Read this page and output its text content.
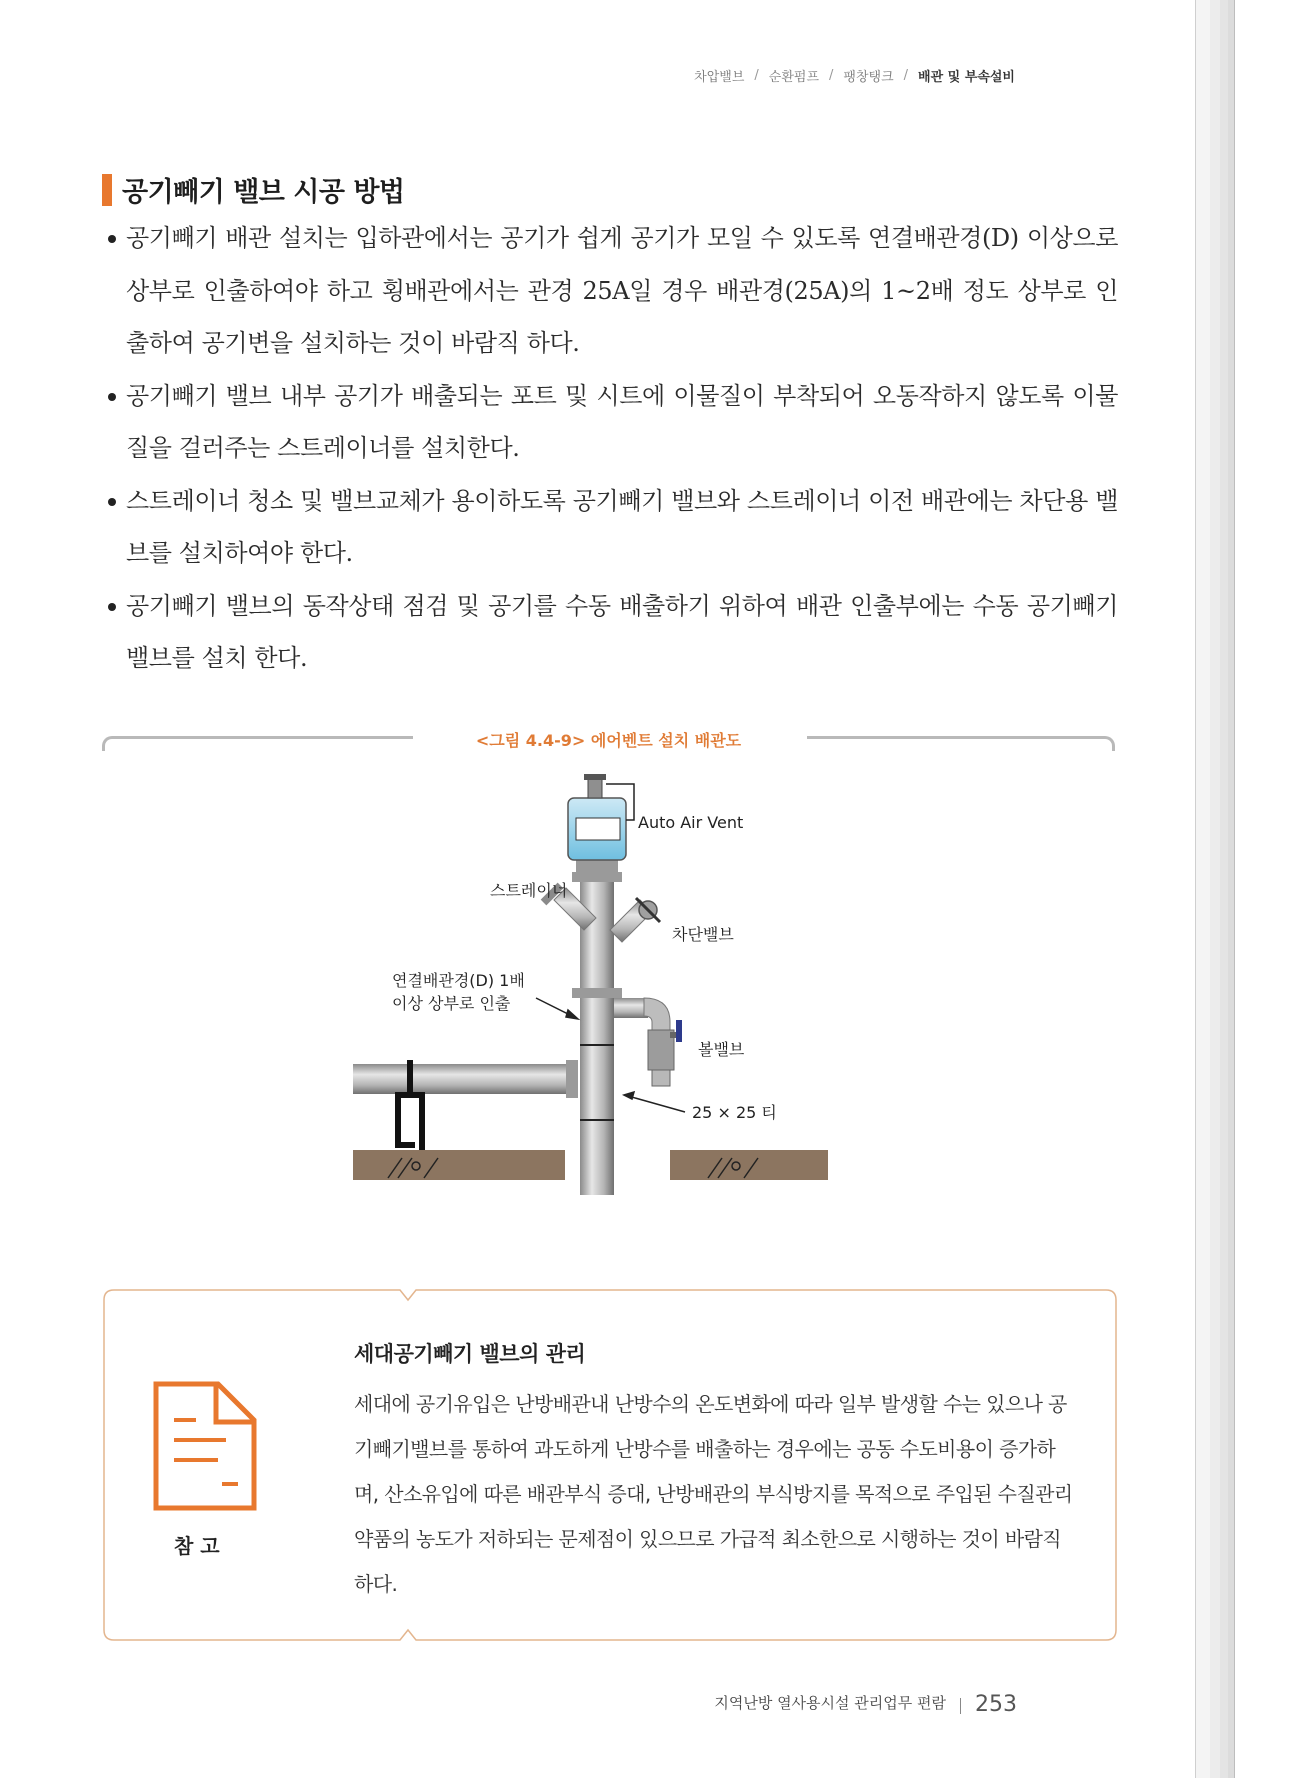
차압밸브 / 순환펌프 / 팽창탱크 / 배관 및 부속설비
공기빼기 밸브 시공 방법
공기빼기 배관 설치는 입하관에서는 공기가 쉽게 공기가 모일 수 있도록 연결배관경(D) 이상으로 상부로 인출하여야 하고 횡배관에서는 관경 25A일 경우 배관경(25A)의 1~2배 정도 상부로 인출하여 공기변을 설치하는 것이 바람직 하다.
공기빼기 밸브 내부 공기가 배출되는 포트 및 시트에 이물질이 부착되어 오동작하지 않도록 이물질을 걸러주는 스트레이너를 설치한다.
스트레이너 청소 및 밸브교체가 용이하도록 공기빼기 밸브와 스트레이너 이전 배관에는 차단용 밸브를 설치하여야 한다.
공기빼기 밸브의 동작상태 점검 및 공기를 수동 배출하기 위하여 배관 인출부에는 수동 공기빼기 밸브를 설치 한다.
<그림 4.4-9> 에어벤트 설치 배관도
Auto Air Vent
스트레이너
차단밸브
연결배관경(D) 1배
이상 상부로 인출
볼밸브
25 × 25 티
참 고
세대공기빼기 밸브의 관리
세대에 공기유입은 난방배관내 난방수의 온도변화에 따라 일부 발생할 수는 있으나 공기빼기밸브를 통하여 과도하게 난방수를 배출하는 경우에는 공동 수도비용이 증가하며, 산소유입에 따른 배관부식 증대, 난방배관의 부식방지를 목적으로 주입된 수질관리 약품의 농도가 저하되는 문제점이 있으므로 가급적 최소한으로 시행하는 것이 바람직 하다.
지역난방 열사용시설 관리업무 편람 253
